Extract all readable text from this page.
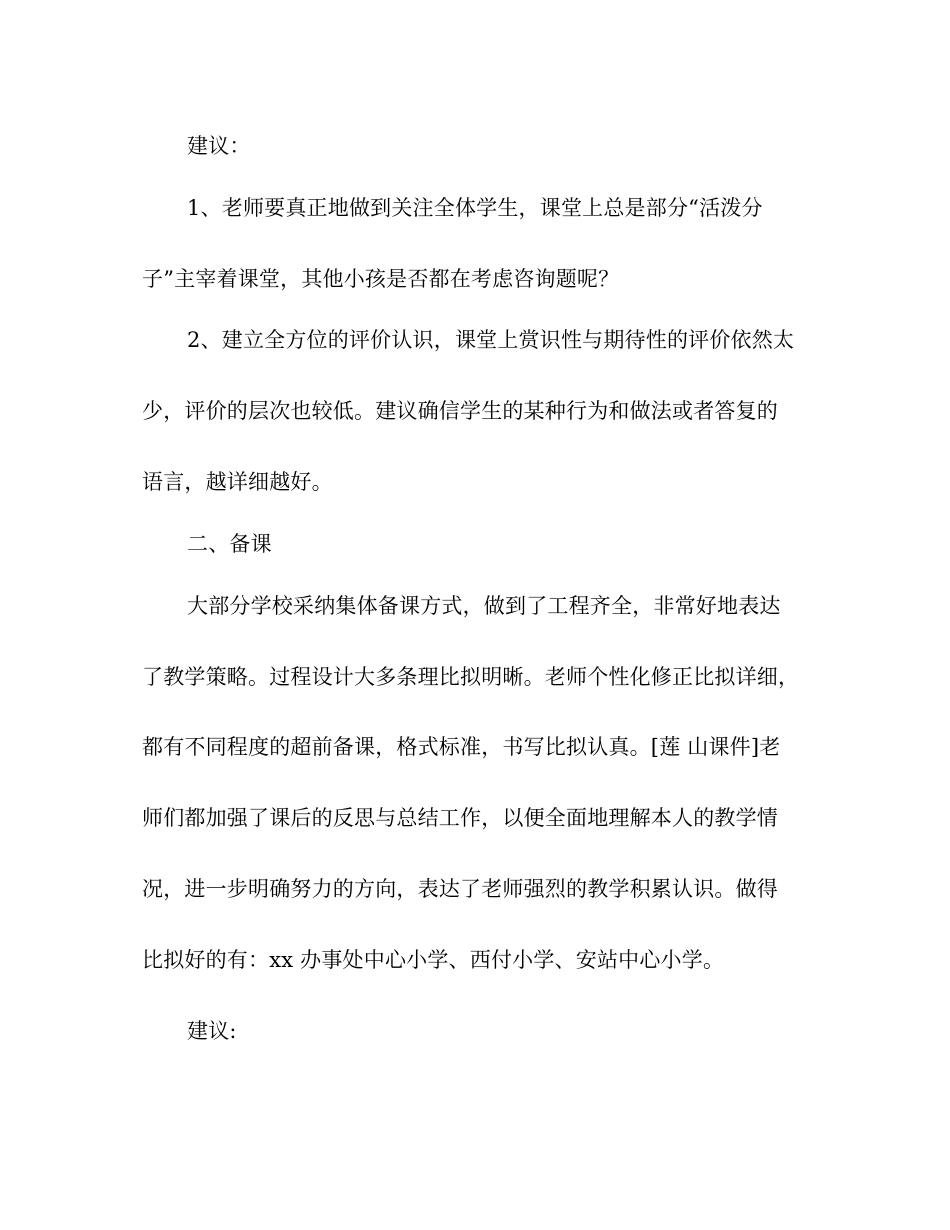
建议：
1、老师要真正地做到关注全体学生，课堂上总是部分“活泼分
子”主宰着课堂，其他小孩是否都在考虑咨询题呢？
2、建立全方位的评价认识，课堂上赏识性与期待性的评价依然太
少，评价的层次也较低。建议确信学生的某种行为和做法或者答复的
语言，越详细越好。
二、备课
大部分学校采纳集体备课方式，做到了工程齐全，非常好地表达
了教学策略。过程设计大多条理比拟明晰。老师个性化修正比拟详细，
都有不同程度的超前备课，格式标准，书写比拟认真。[莲 山课件]老
师们都加强了课后的反思与总结工作，以便全面地理解本人的教学情
况，进一步明确努力的方向，表达了老师强烈的教学积累认识。做得
比拟好的有：xx 办事处中心小学、西付小学、安站中心小学。
建议:
